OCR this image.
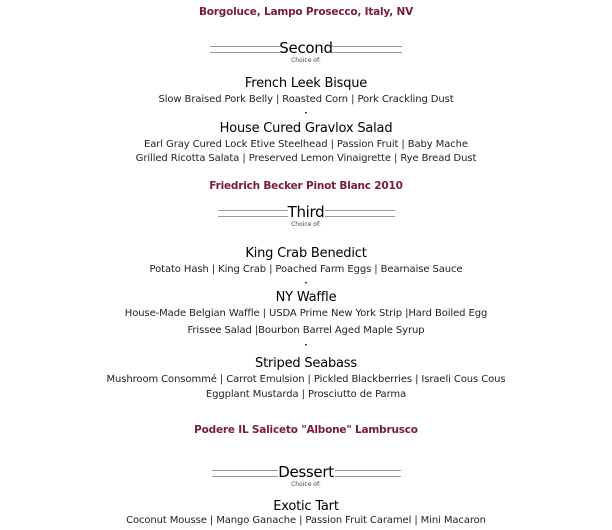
Borgoluce, Lampo Prosecco, Italy, NV
Second
Choice of:
French Leek Bisque
Slow Braised Pork Belly | Roasted Corn | Pork Crackling Dust
•
House Cured Gravlox Salad
Earl Gray Cured Lock Etive Steelhead | Passion Fruit | Baby Mache
Grilled Ricotta Salata | Preserved Lemon Vinaigrette | Rye Bread Dust
Friedrich Becker Pinot Blanc 2010
Third
Choice of:
King Crab Benedict
Potato Hash | King Crab | Poached Farm Eggs | Bearnaise Sauce
•
NY Waffle
House-Made Belgian Waffle | USDA Prime New York Strip |Hard Boiled Egg
Frissee Salad |Bourbon Barrel Aged Maple Syrup
•
Striped Seabass
Mushroom Consommé | Carrot Emulsion | Pickled Blackberries | Israeli Cous Cous
Eggplant Mustarda | Prosciutto de Parma
Podere IL Saliceto "Albone" Lambrusco
Dessert
Choice of:
Exotic Tart
Coconut Mousse | Mango Ganache | Passion Fruit Caramel | Mini Macaron
